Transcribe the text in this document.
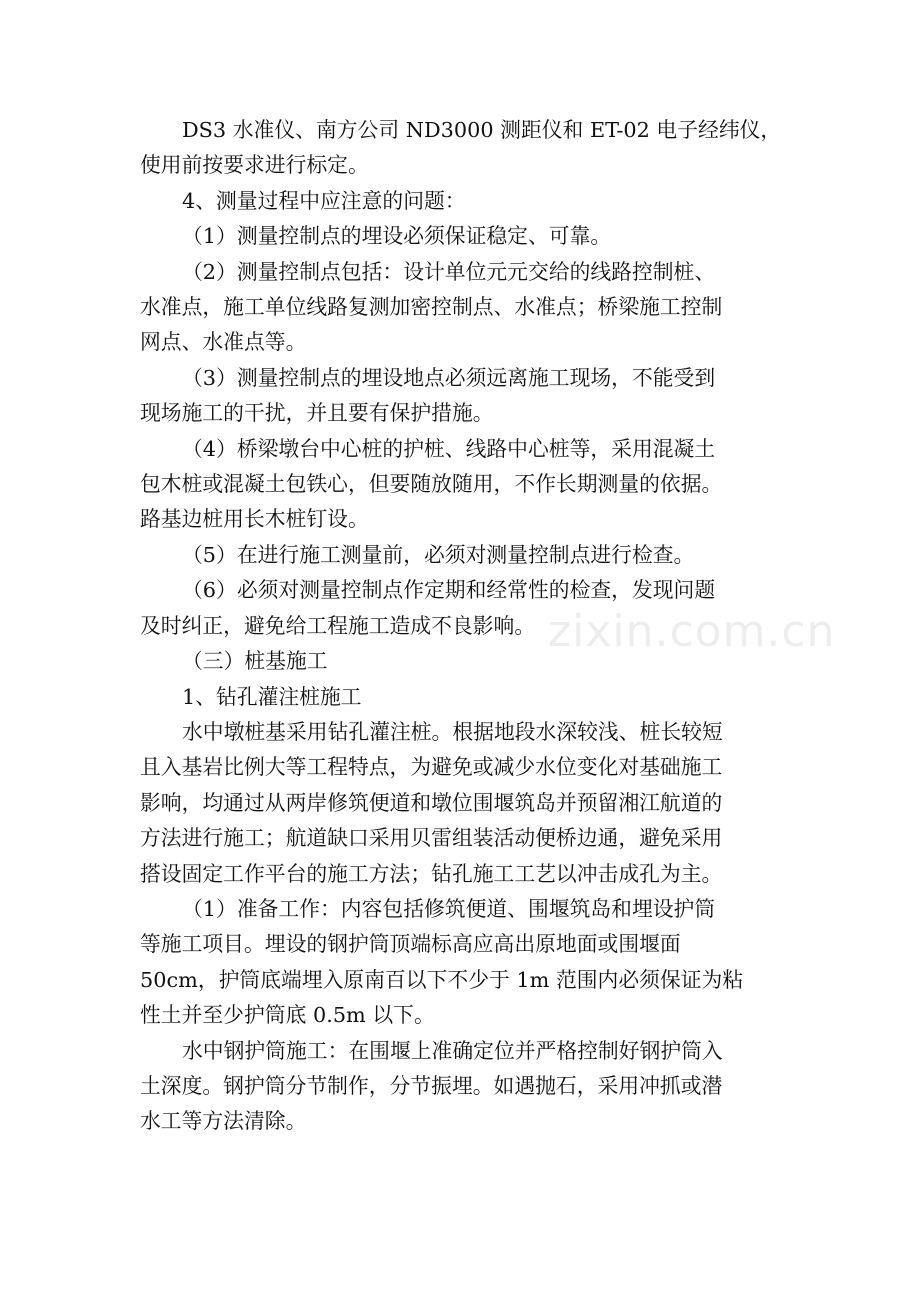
DS3 水准仪、南方公司 ND3000 测距仪和 ET-02 电子经纬仪，
使用前按要求进行标定。
4、测量过程中应注意的问题：
（1）测量控制点的埋设必须保证稳定、可靠。
（2）测量控制点包括：设计单位元元交给的线路控制桩、
水准点，施工单位线路复测加密控制点、水准点；桥梁施工控制
网点、水准点等。
（3）测量控制点的埋设地点必须远离施工现场，不能受到
现场施工的干扰，并且要有保护措施。
（4）桥梁墩台中心桩的护桩、线路中心桩等，采用混凝土
包木桩或混凝土包铁心，但要随放随用，不作长期测量的依据。
路基边桩用长木桩钉设。
（5）在进行施工测量前，必须对测量控制点进行检查。
（6）必须对测量控制点作定期和经常性的检查，发现问题
及时纠正，避免给工程施工造成不良影响。
（三）桩基施工
1、钻孔灌注桩施工
水中墩桩基采用钻孔灌注桩。根据地段水深较浅、桩长较短
且入基岩比例大等工程特点，为避免或减少水位变化对基础施工
影响，均通过从两岸修筑便道和墩位围堰筑岛并预留湘江航道的
方法进行施工；航道缺口采用贝雷组装活动便桥边通，避免采用
搭设固定工作平台的施工方法；钻孔施工工艺以冲击成孔为主。
（1）准备工作：内容包括修筑便道、围堰筑岛和埋设护筒
等施工项目。埋设的钢护筒顶端标高应高出原地面或围堰面
50cm，护筒底端埋入原南百以下不少于 1m 范围内必须保证为粘
性土并至少护筒底 0.5m 以下。
水中钢护筒施工：在围堰上准确定位并严格控制好钢护筒入
土深度。钢护筒分节制作，分节振埋。如遇抛石，采用冲抓或潜
水工等方法清除。
zixin.com.cn
